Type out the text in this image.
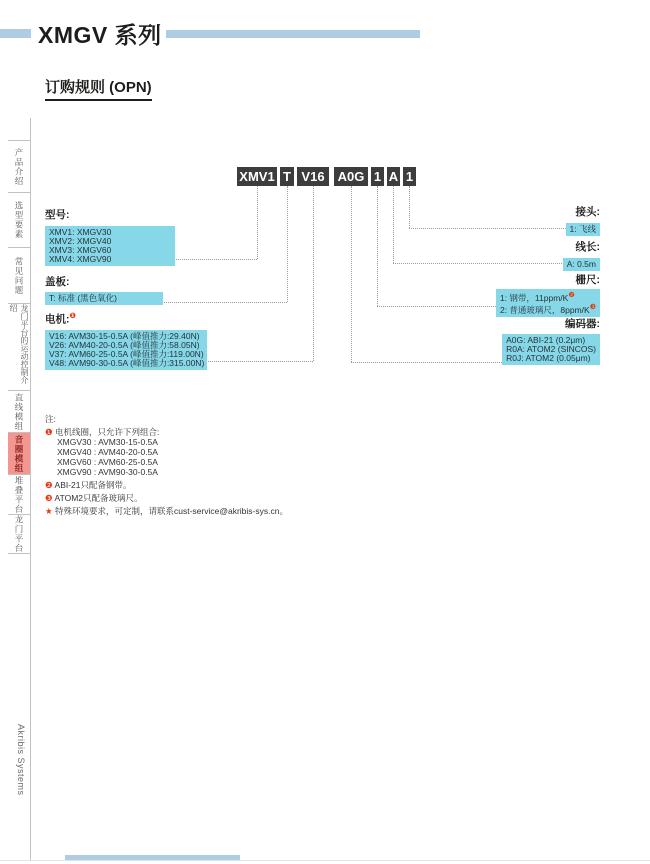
XMGV 系列
订购规则 (OPN)
产品介绍
选型要素
常见问题
龙门平台的运动控制介绍
直线模组
音圈模组
堆叠平台
龙门平台
Akribis Systems
XMV1 T V16	A0G 1 A 1
型号:
XMV1: XMGV30
XMV2: XMGV40
XMV3: XMGV60
XMV4: XMGV90
盖板:
T: 标准 (黑色氧化)
电机:$^❶$
V16: AVM30-15-0.5A (峰值推力:29.40N)
V26: AVM40-20-0.5A (峰值推力:58.05N)
V37: AVM60-25-0.5A (峰值推力:119.00N)
V48: AVM90-30-0.5A (峰值推力:315.00N)
接头:
1: 飞线
线长:
A: 0.5m
栅尺:
1: 钢带，$11ppm/K^❷$
2: 普通玻璃尺，$8ppm/K^❸$
编码器:
A0G: ABI-21 (0.2μm)
R0A: ATOM2 (SINCOS)
R0J: ATOM2 (0.05μm)
注:
❶ 电机线圈，只允许下列组合:
XMGV30 : AVM30-15-0.5A
XMGV40 : AVM40-20-0.5A
XMGV60 : AVM60-25-0.5A
XMGV90 : AVM90-30-0.5A
❷ ABI-21只配备钢带。
❸ ATOM2只配备玻璃尺。
★ 特殊环境要求，可定制，请联系cust-service@akribis-sys.cn。
